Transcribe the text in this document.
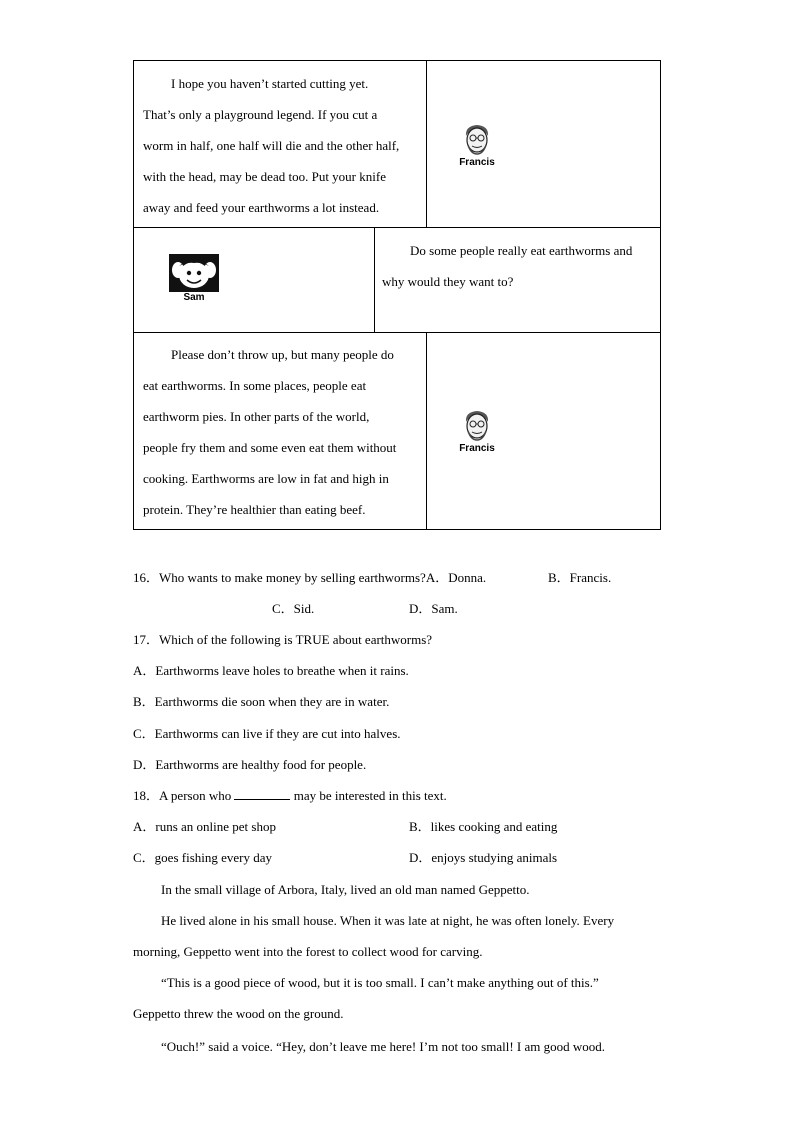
I hope you haven’t started cutting yet.
That’s only a playground legend. If you cut a
worm in half, one half will die and the other half,
with the head, may be dead too. Put your knife
away and feed your earthworms a lot instead.
Francis
Sam
Do some people really eat earthworms and
why would they want to?
Please don’t throw up, but many people do
eat earthworms. In some places, people eat
earthworm pies. In other parts of the world,
people fry them and some even eat them without
cooking. Earthworms are low in fat and high in
protein. They’re healthier than eating beef.
Francis
16．Who wants to make money by selling earthworms?A．Donna.	B．Francis.
C．Sid.	D．Sam.
17．Which of the following is TRUE about earthworms?
A．Earthworms leave holes to breathe when it rains.
B．Earthworms die soon when they are in water.
C．Earthworms can live if they are cut into halves.
D．Earthworms are healthy food for people.
18．A person who	may be interested in this text.
A．runs an online pet shop	B．likes cooking and eating
C．goes fishing every day	D．enjoys studying animals
In the small village of Arbora, Italy, lived an old man named Geppetto.
He lived alone in his small house. When it was late at night, he was often lonely. Every
morning, Geppetto went into the forest to collect wood for carving.
“This is a good piece of wood, but it is too small. I can’t make anything out of this.”
Geppetto threw the wood on the ground.
“Ouch!” said a voice. “Hey, don’t leave me here! I’m not too small! I am good wood.
